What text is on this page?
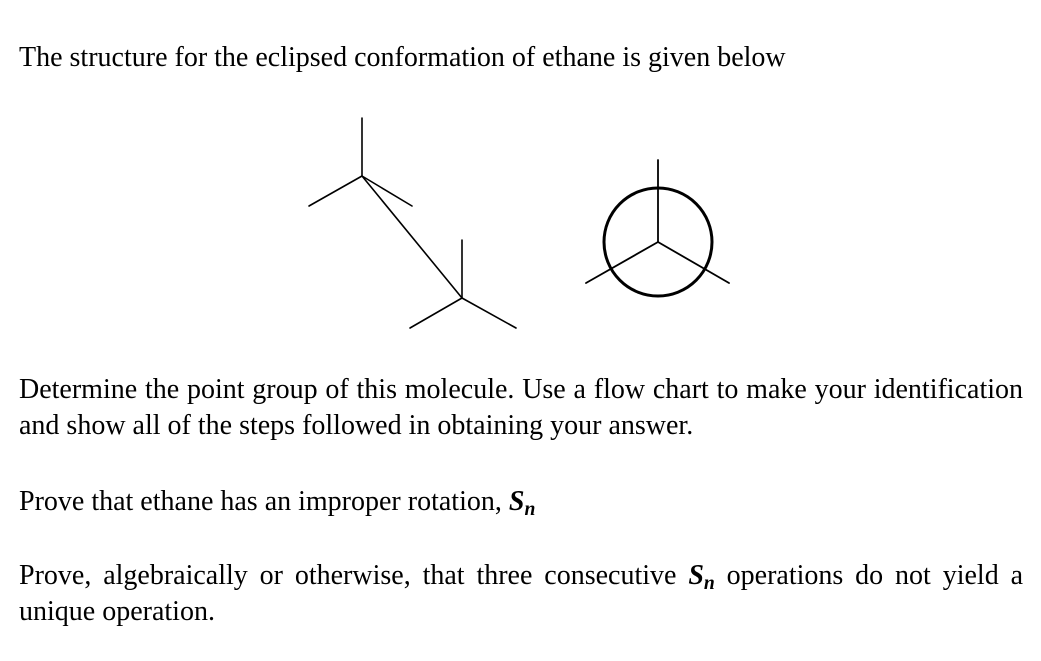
The structure for the eclipsed conformation of ethane is given below

Determine the point group of this molecule. Use a flow chart to make your identification and show all of the steps followed in obtaining your answer.

Prove that ethane has an improper rotation, $S_n$

Prove, algebraically or otherwise, that three consecutive $S_n$ operations do not yield a unique operation.
